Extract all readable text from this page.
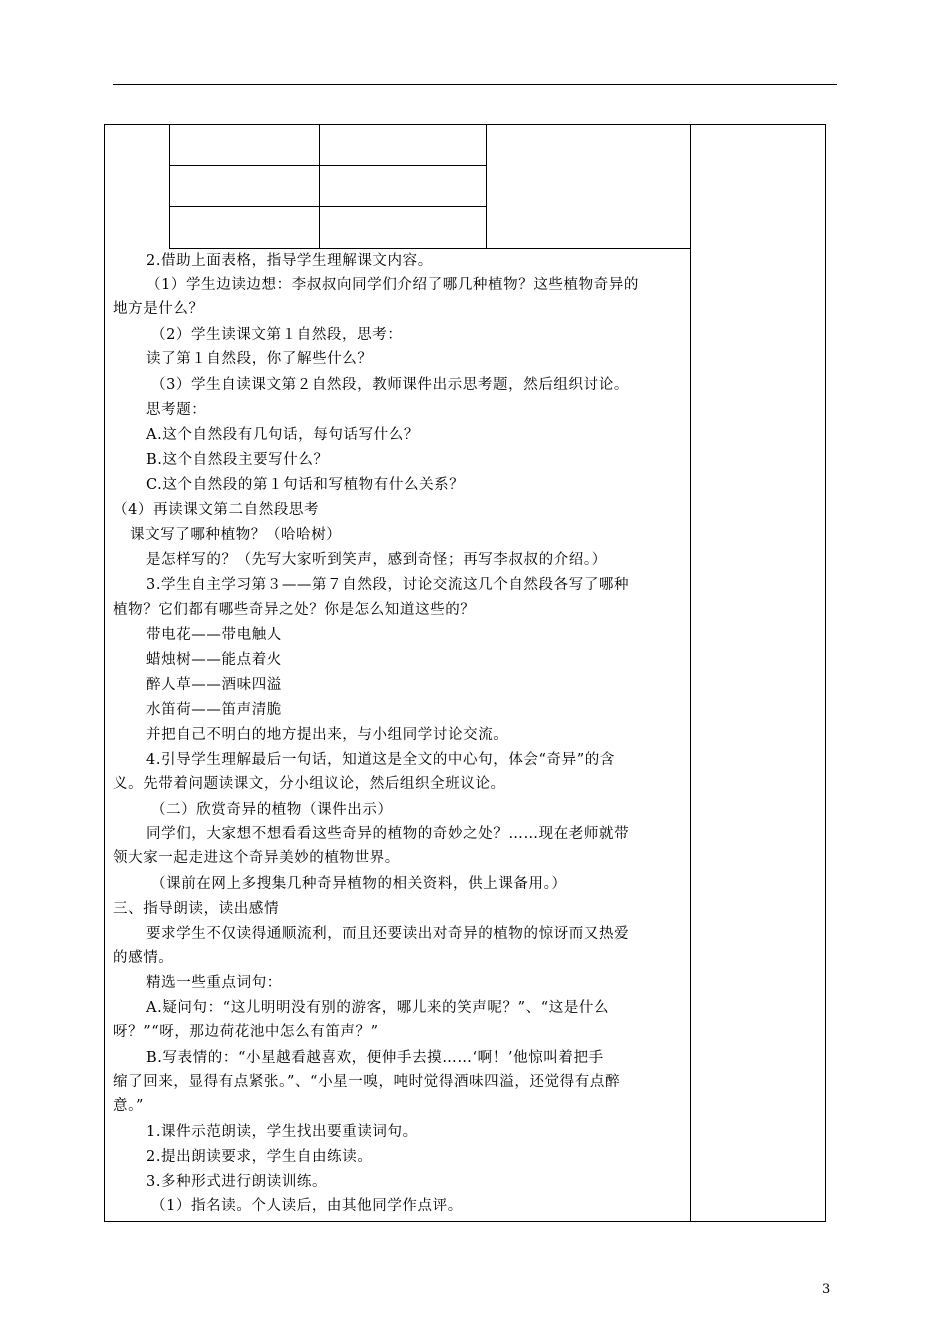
2.借助上面表格，指导学生理解课文内容。
（1）学生边读边想：李叔叔向同学们介绍了哪几种植物？这些植物奇异的
地方是什么？
（2）学生读课文第１自然段，思考：
读了第１自然段，你了解些什么？
（3）学生自读课文第２自然段，教师课件出示思考题，然后组织讨论。
思考题：
A.这个自然段有几句话，每句话写什么？
B.这个自然段主要写什么？
C.这个自然段的第１句话和写植物有什么关系？
（4）再读课文第二自然段思考
课文写了哪种植物？（哈哈树）
是怎样写的？（先写大家听到笑声，感到奇怪；再写李叔叔的介绍。）
3.学生自主学习第３——第７自然段，讨论交流这几个自然段各写了哪种
植物？它们都有哪些奇异之处？你是怎么知道这些的？
带电花——带电触人
蜡烛树——能点着火
醉人草——酒味四溢
水笛荷——笛声清脆
并把自己不明白的地方提出来，与小组同学讨论交流。
4.引导学生理解最后一句话，知道这是全文的中心句，体会“奇异”的含
义。先带着问题读课文，分小组议论，然后组织全班议论。
（二）欣赏奇异的植物（课件出示）
同学们，大家想不想看看这些奇异的植物的奇妙之处？……现在老师就带
领大家一起走进这个奇异美妙的植物世界。
（课前在网上多搜集几种奇异植物的相关资料，供上课备用。）
三、指导朗读，读出感情
要求学生不仅读得通顺流利，而且还要读出对奇异的植物的惊讶而又热爱
的感情。
精选一些重点词句：
A.疑问句：“这儿明明没有别的游客，哪儿来的笑声呢？”、“这是什么
呀？”“呀，那边荷花池中怎么有笛声？”
B.写表情的：“小星越看越喜欢，便伸手去摸……‘啊！’他惊叫着把手
缩了回来，显得有点紧张。”、“小星一嗅，吨时觉得酒味四溢，还觉得有点醉
意。”
1.课件示范朗读，学生找出要重读词句。
2.提出朗读要求，学生自由练读。
3.多种形式进行朗读训练。
（1）指名读。个人读后，由其他同学作点评。
3
